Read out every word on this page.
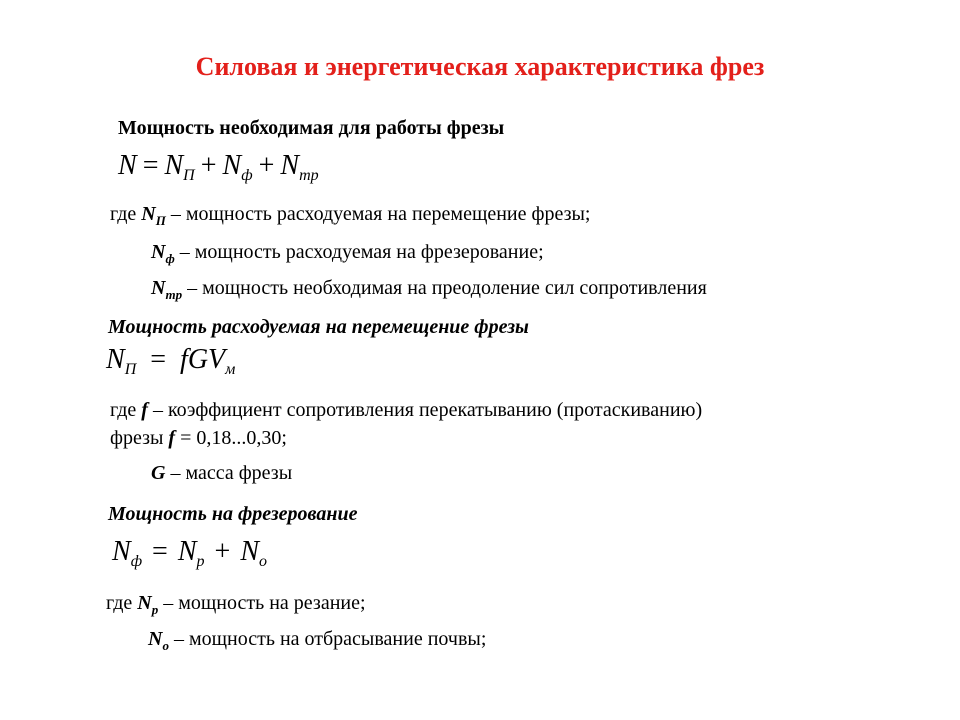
Силовая и энергетическая характеристика фрез
Мощность необходимая для работы фрезы
$N = N_П + N_ф + N_{тр}$
где $N_П$ – мощность расходуемая на перемещение фрезы;
$N_ф$ – мощность расходуемая на фрезерование;
$N_{тр}$ – мощность необходимая на преодоление сил сопротивления
Мощность расходуемая на перемещение фрезы
$N_П = fGV_м$
где f – коэффициент сопротивления перекатыванию (протаскиванию)
фрезы f = 0,18...0,30;
G – масса фрезы
Мощность на фрезерование
$N_ф = N_р + N_о$
где $N_р$ – мощность на резание;
$N_о$ – мощность на отбрасывание почвы;
